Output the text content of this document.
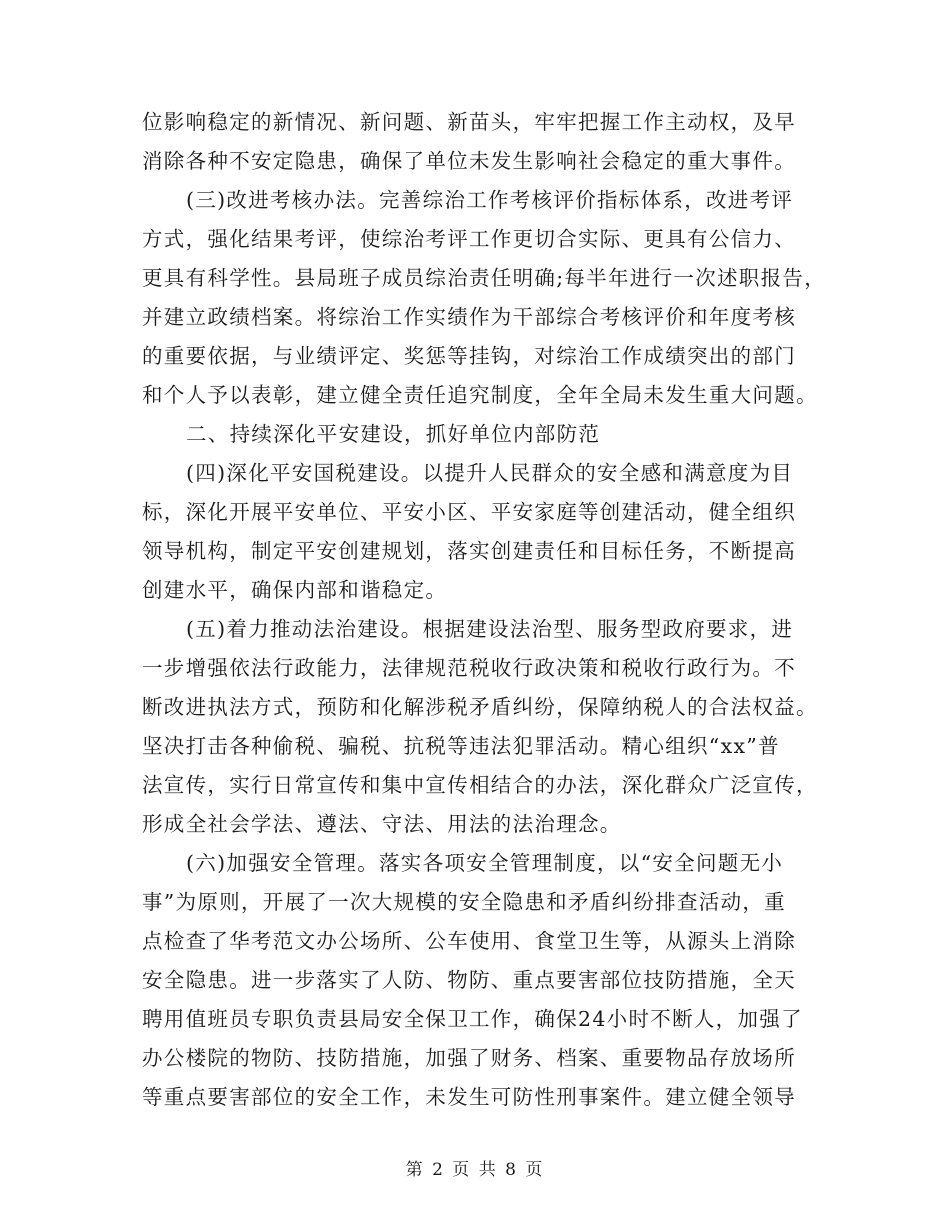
位影响稳定的新情况、新问题、新苗头，牢牢把握工作主动权，及早
消除各种不安定隐患，确保了单位未发生影响社会稳定的重大事件。
(三)改进考核办法。完善综治工作考核评价指标体系，改进考评
方式，强化结果考评，使综治考评工作更切合实际、更具有公信力、
更具有科学性。县局班子成员综治责任明确;每半年进行一次述职报告，
并建立政绩档案。将综治工作实绩作为干部综合考核评价和年度考核
的重要依据，与业绩评定、奖惩等挂钩，对综治工作成绩突出的部门
和个人予以表彰，建立健全责任追究制度，全年全局未发生重大问题。
二、持续深化平安建设，抓好单位内部防范
(四)深化平安国税建设。以提升人民群众的安全感和满意度为目
标，深化开展平安单位、平安小区、平安家庭等创建活动，健全组织
领导机构，制定平安创建规划，落实创建责任和目标任务，不断提高
创建水平，确保内部和谐稳定。
(五)着力推动法治建设。根据建设法治型、服务型政府要求，进
一步增强依法行政能力，法律规范税收行政决策和税收行政行为。不
断改进执法方式，预防和化解涉税矛盾纠纷，保障纳税人的合法权益。
坚决打击各种偷税、骗税、抗税等违法犯罪活动。精心组织“xx”普
法宣传，实行日常宣传和集中宣传相结合的办法，深化群众广泛宣传，
形成全社会学法、遵法、守法、用法的法治理念。
(六)加强安全管理。落实各项安全管理制度，以“安全问题无小
事”为原则，开展了一次大规模的安全隐患和矛盾纠纷排查活动，重
点检查了华考范文办公场所、公车使用、食堂卫生等，从源头上消除
安全隐患。进一步落实了人防、物防、重点要害部位技防措施，全天
聘用值班员专职负责县局安全保卫工作，确保24小时不断人，加强了
办公楼院的物防、技防措施，加强了财务、档案、重要物品存放场所
第 2 页 共 8 页
等重点要害部位的安全工作，未发生可防性刑事案件。建立健全领导
